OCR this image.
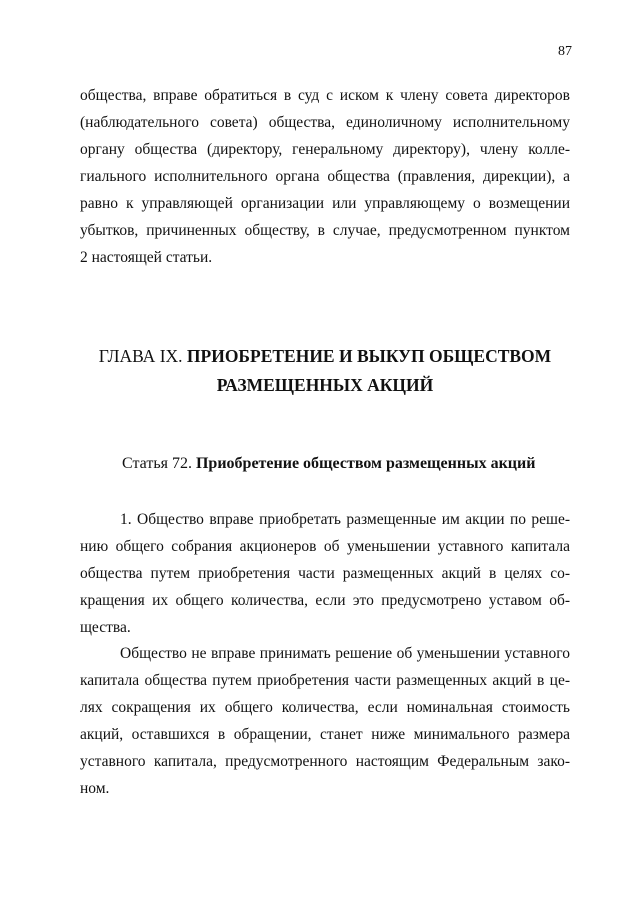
87
общества, вправе обратиться в суд с иском к члену совета директоров
(наблюдательного совета) общества, единоличному исполнительному
органу общества (директору, генеральному директору), члену колле-
гиального исполнительного органа общества (правления, дирекции), а
равно к управляющей организации или управляющему о возмещении
убытков, причиненных обществу, в случае, предусмотренном пунктом
2 настоящей статьи.
ГЛАВА IX. ПРИОБРЕТЕНИЕ И ВЫКУП ОБЩЕСТВОМ
РАЗМЕЩЕННЫХ АКЦИЙ
Статья 72. Приобретение обществом размещенных акций
1. Общество вправе приобретать размещенные им акции по реше-
нию общего собрания акционеров об уменьшении уставного капитала
общества путем приобретения части размещенных акций в целях со-
кращения их общего количества, если это предусмотрено уставом об-
щества.
Общество не вправе принимать решение об уменьшении уставного
капитала общества путем приобретения части размещенных акций в це-
лях сокращения их общего количества, если номинальная стоимость
акций, оставшихся в обращении, станет ниже минимального размера
уставного капитала, предусмотренного настоящим Федеральным зако-
ном.
